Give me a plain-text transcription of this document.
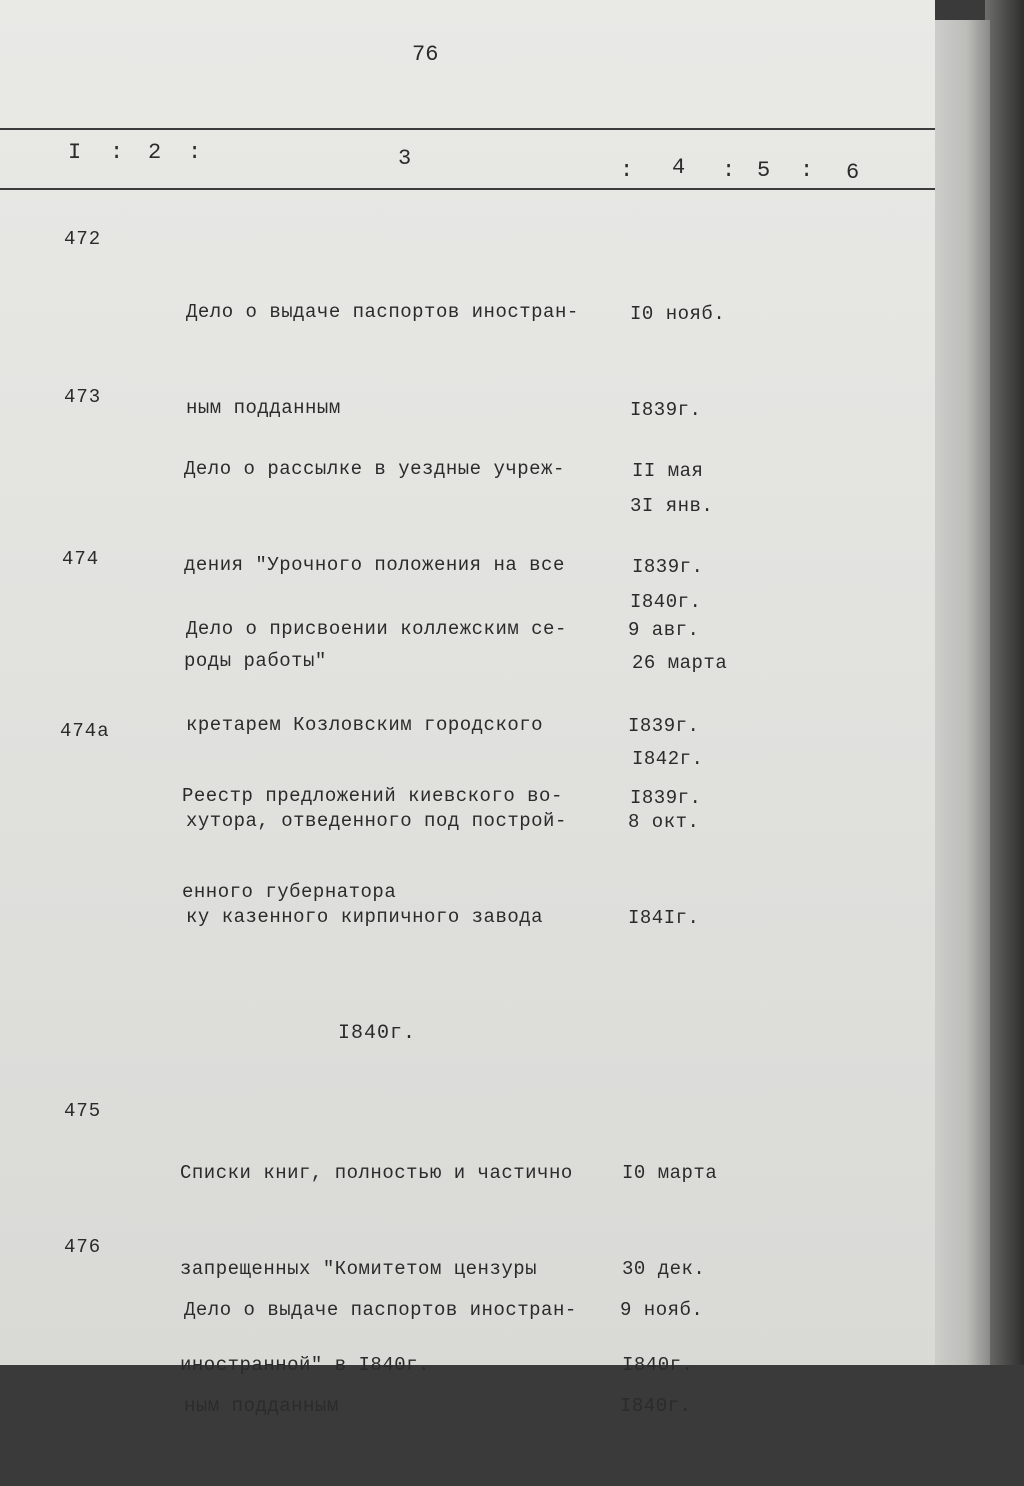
76
I : 2 :	3	: 4 : 5 : 6
472

Дело о выдаче паспортов иностран-

ным подданным

I0 нояб.

I839г.

3I янв.

I840г.

473

Дело о рассылке в уездные учреж-

дения "Урочного положения на все

роды работы"

II мая

I839г.

26 марта

I842г.

474

Дело о присвоении коллежским се-

кретарем Козловским городского

хутора, отведенного под построй-

ку казенного кирпичного завода

9 авг.

I839г.

8 окт.

I84Iг.

474а

Реестр предложений киевского во-

енного губернатора

I839г.

I840г.
475

Списки книг, полностью и частично

запрещенных "Комитетом цензуры

иностранной" в I840г.

I0 марта

30 дек.

I840г.

476

Дело о выдаче паспортов иностран-

ным подданным

9 нояб.

I840г.
